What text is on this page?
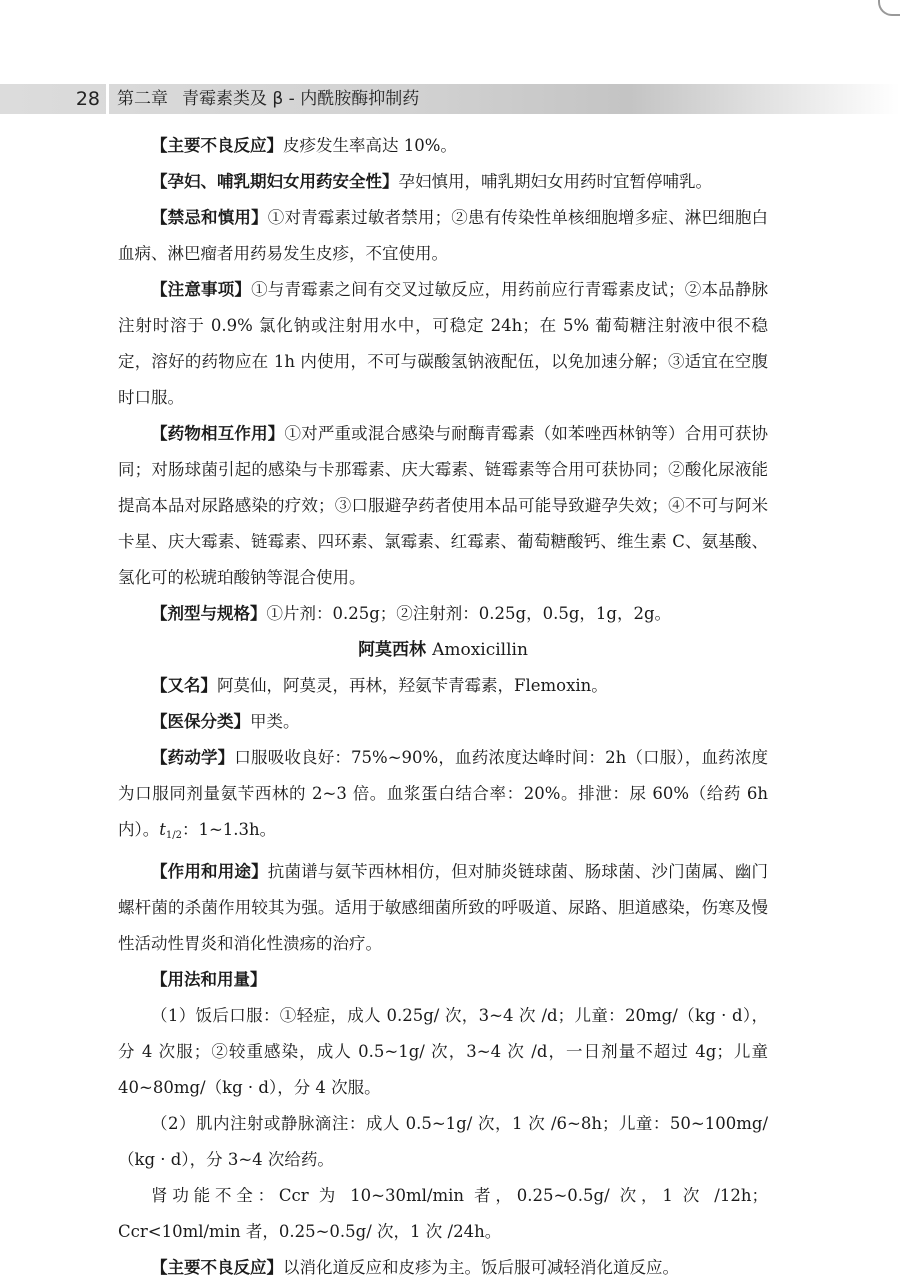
28 第二章 青霉素类及 β - 内酰胺酶抑制药

【主要不良反应】皮疹发生率高达 10%。

【孕妇、哺乳期妇女用药安全性】孕妇慎用，哺乳期妇女用药时宜暂停哺乳。

【禁忌和慎用】①对青霉素过敏者禁用；②患有传染性单核细胞增多症、淋巴细胞白血病、淋巴瘤者用药易发生皮疹，不宜使用。

【注意事项】①与青霉素之间有交叉过敏反应，用药前应行青霉素皮试；②本品静脉注射时溶于 0.9% 氯化钠或注射用水中，可稳定 24h；在 5% 葡萄糖注射液中很不稳定，溶好的药物应在 1h 内使用，不可与碳酸氢钠液配伍，以免加速分解；③适宜在空腹时口服。

【药物相互作用】①对严重或混合感染与耐酶青霉素（如苯唑西林钠等）合用可获协同；对肠球菌引起的感染与卡那霉素、庆大霉素、链霉素等合用可获协同；②酸化尿液能提高本品对尿路感染的疗效；③口服避孕药者使用本品可能导致避孕失效；④不可与阿米卡星、庆大霉素、链霉素、四环素、氯霉素、红霉素、葡萄糖酸钙、维生素 C、氨基酸、氢化可的松琥珀酸钠等混合使用。

【剂型与规格】①片剂：0.25g；②注射剂：0.25g，0.5g，1g，2g。

阿莫西林 Amoxicillin

【又名】阿莫仙，阿莫灵，再林，羟氨苄青霉素，Flemoxin。

【医保分类】甲类。

【药动学】口服吸收良好：75%~90%，血药浓度达峰时间：2h（口服），血药浓度为口服同剂量氨苄西林的 2~3 倍。血浆蛋白结合率：20%。排泄：尿 60%（给药 6h 内）。$t_{1/2}$：1~1.3h。

【作用和用途】抗菌谱与氨苄西林相仿，但对肺炎链球菌、肠球菌、沙门菌属、幽门螺杆菌的杀菌作用较其为强。适用于敏感细菌所致的呼吸道、尿路、胆道感染，伤寒及慢性活动性胃炎和消化性溃疡的治疗。

【用法和用量】

（1）饭后口服：①轻症，成人 0.25g/ 次，3~4 次 /d；儿童：20mg/（kg · d），分 4 次服；②较重感染，成人 0.5~1g/ 次，3~4 次 /d，一日剂量不超过 4g；儿童 40~80mg/（kg · d），分 4 次服。

（2）肌内注射或静脉滴注：成人 0.5~1g/ 次，1 次 /6~8h；儿童：50~100mg/（kg · d），分 3~4 次给药。

肾功能不全：Ccr 为 10~30ml/min 者，0.25~0.5g/ 次，1 次 /12h；Ccr<10ml/min 者，0.25~0.5g/ 次，1 次 /24h。

【主要不良反应】以消化道反应和皮疹为主。饭后服可减轻消化道反应。
